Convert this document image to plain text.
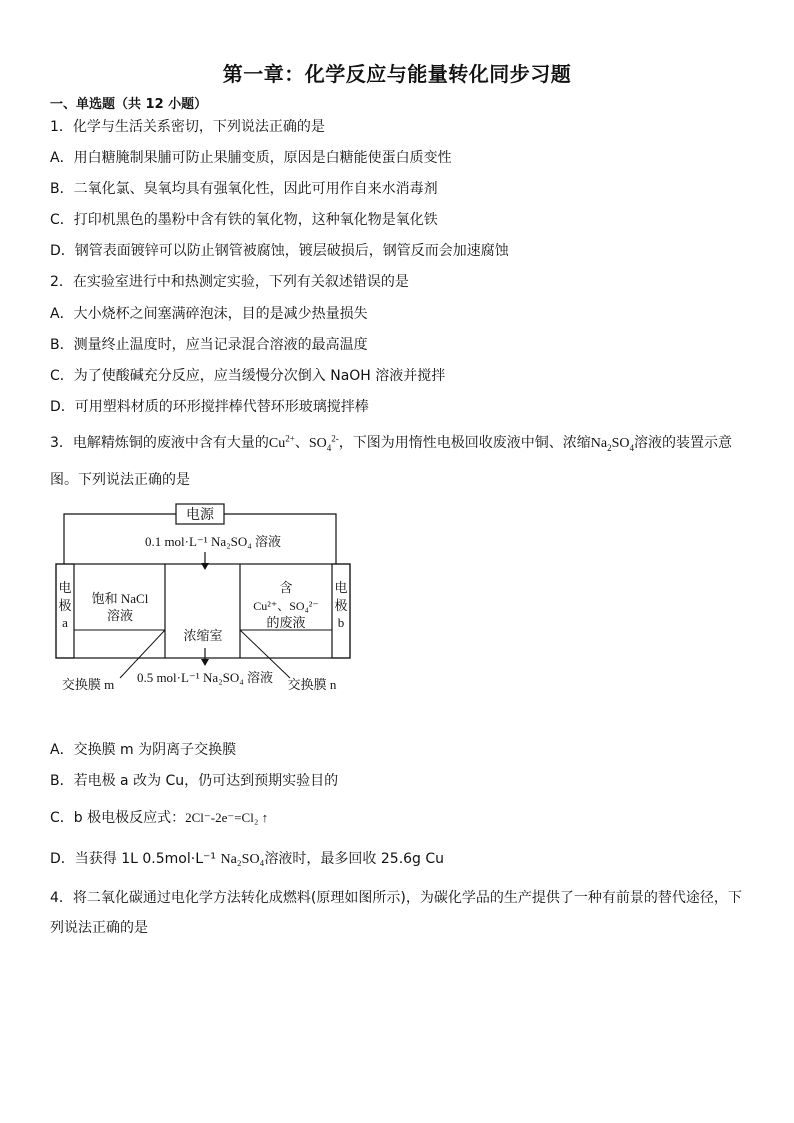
第一章：化学反应与能量转化同步习题
一、单选题（共 12 小题）
1．化学与生活关系密切，下列说法正确的是
A．用白糖腌制果脯可防止果脯变质，原因是白糖能使蛋白质变性
B．二氧化氯、臭氧均具有强氧化性，因此可用作自来水消毒剂
C．打印机黑色的墨粉中含有铁的氧化物，这种氧化物是氧化铁
D．钢管表面镀锌可以防止钢管被腐蚀，镀层破损后，钢管反而会加速腐蚀
2．在实验室进行中和热测定实验，下列有关叙述错误的是
A．大小烧杯之间塞满碎泡沫，目的是减少热量损失
B．测量终止温度时，应当记录混合溶液的最高温度
C．为了使酸碱充分反应，应当缓慢分次倒入 NaOH 溶液并搅拌
D．可用塑料材质的环形搅拌棒代替环形玻璃搅拌棒
3．电解精炼铜的废液中含有大量的$Cu^{2+}$、$SO_4^{2-}$，下图为用惰性电极回收废液中铜、浓缩$Na_2SO_4$溶液的装置示意
图。下列说法正确的是
电源
0.1 mol·L⁻¹ Na₂SO₄ 溶液
电
极
a
饱和 NaCl
溶液
浓缩室
含
Cu²⁺、SO₄²⁻
的废液
电
极
b
交换膜 m 0.5 mol·L⁻¹ Na₂SO₄ 溶液 交换膜 n
A．交换膜 m 为阴离子交换膜
B．若电极 a 改为 Cu，仍可达到预期实验目的
C．b 极电极反应式：2Cl⁻-2e⁻=Cl₂ ↑
D．当获得 1L 0.5mol·L⁻¹ Na₂SO₄溶液时，最多回收 25.6g Cu
4．将二氧化碳通过电化学方法转化成燃料(原理如图所示)，为碳化学品的生产提供了一种有前景的替代途径，下
列说法正确的是
